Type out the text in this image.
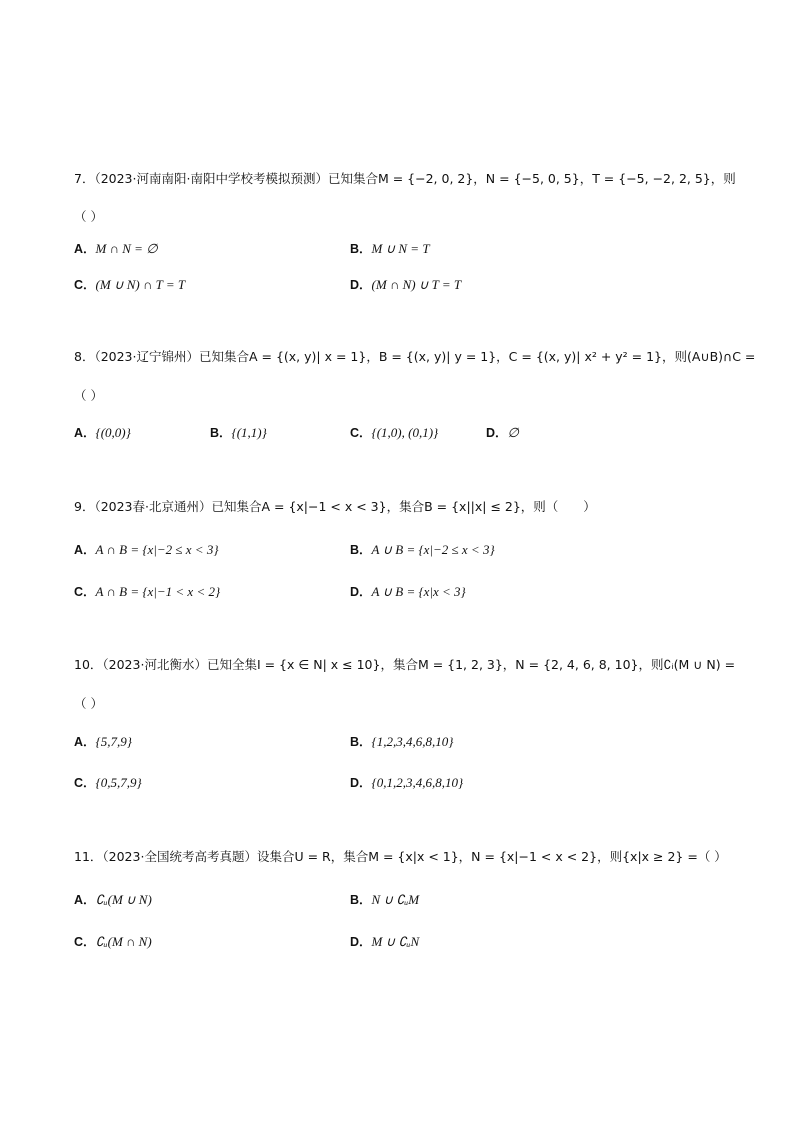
7．（2023·河南南阳·南阳中学校考模拟预测）已知集合M = {−2, 0, 2}，N = {−5, 0, 5}，T = {−5, −2, 2, 5}，则
（ ）
A．M ∩ N = ∅	B．M ∪ N = T
C．(M ∪ N) ∩ T = T	D．(M ∩ N) ∪ T = T
8．（2023·辽宁锦州）已知集合A = {(x, y)| x = 1}，B = {(x, y)| y = 1}，C = {(x, y)| x² + y² = 1}，则(A∪B)∩C =
（ ）
A．{(0,0)}	B．{(1,1)}	C．{(1,0), (0,1)}	D．∅
9．（2023春·北京通州）已知集合A = {x|−1 < x < 3}，集合B = {x||x| ≤ 2}，则（　　）
A．A ∩ B = {x|−2 ≤ x < 3}	B．A ∪ B = {x|−2 ≤ x < 3}
C．A ∩ B = {x|−1 < x < 2}	D．A ∪ B = {x|x < 3}
10．（2023·河北衡水）已知全集I = {x ∈ N| x ≤ 10}，集合M = {1, 2, 3}，N = {2, 4, 6, 8, 10}，则∁ᵢ(M ∪ N) =
（ ）
A．{5,7,9}	B．{1,2,3,4,6,8,10}
C．{0,5,7,9}	D．{0,1,2,3,4,6,8,10}
11．（2023·全国统考高考真题）设集合U = R，集合M = {x|x < 1}，N = {x|−1 < x < 2}，则{x|x ≥ 2} =（ ）
A．∁ᵤ(M ∪ N)	B．N ∪ ∁ᵤM
C．∁ᵤ(M ∩ N)	D．M ∪ ∁ᵤN
